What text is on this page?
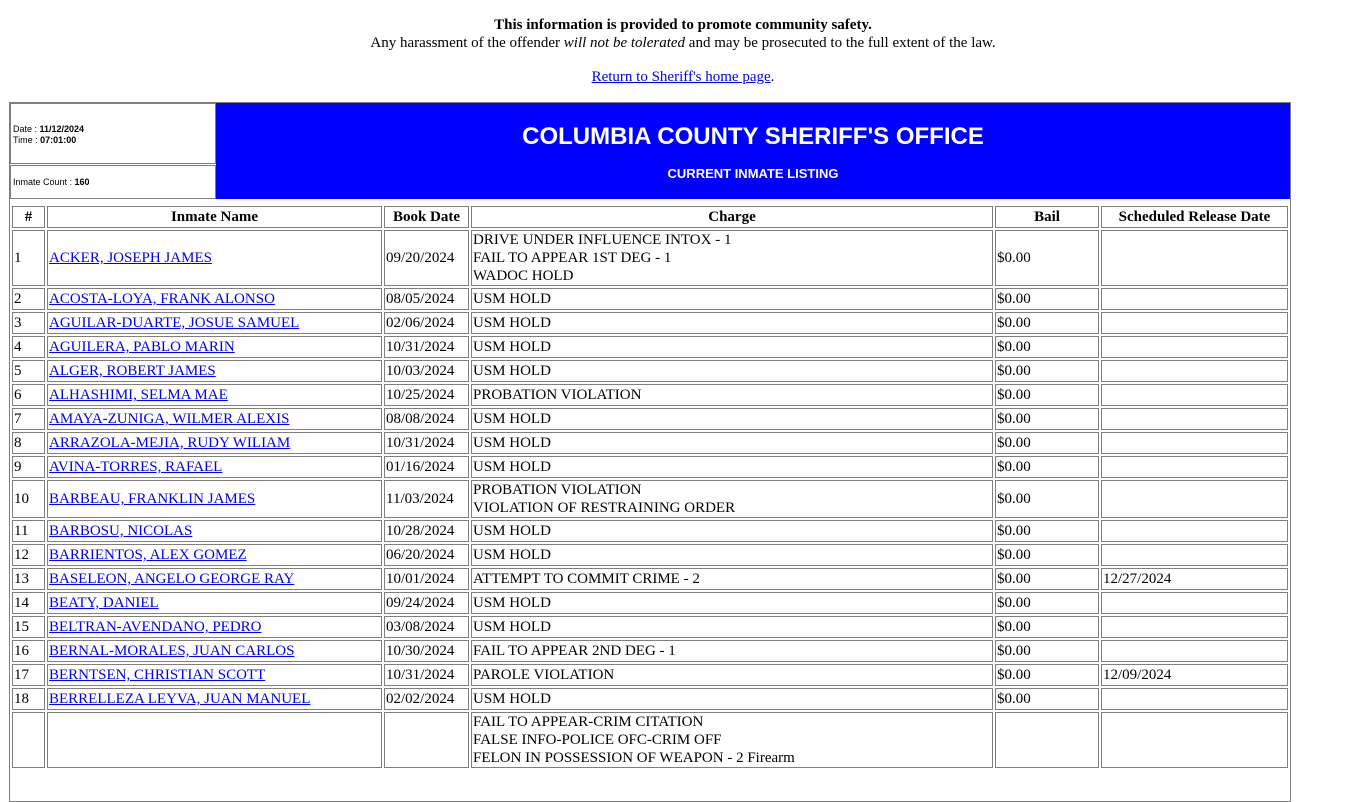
This information is provided to promote community safety.
Any harassment of the offender will not be tolerated and may be prosecuted to the full extent of the law.
Return to Sheriff's home page.
Date : 11/12/2024
Time : 07:01:00
Inmate Count : 160
COLUMBIA COUNTY SHERIFF'S OFFICE
CURRENT INMATE LISTING
#	Inmate Name	Book Date	Charge	Bail	Scheduled Release Date
1	ACKER, JOSEPH JAMES	09/20/2024	DRIVE UNDER INFLUENCE INTOX - 1
FAIL TO APPEAR 1ST DEG - 1
WADOC HOLD	$0.00	
2	ACOSTA-LOYA, FRANK ALONSO	08/05/2024	USM HOLD	$0.00	
3	AGUILAR-DUARTE, JOSUE SAMUEL	02/06/2024	USM HOLD	$0.00	
4	AGUILERA, PABLO MARIN	10/31/2024	USM HOLD	$0.00	
5	ALGER, ROBERT JAMES	10/03/2024	USM HOLD	$0.00	
6	ALHASHIMI, SELMA MAE	10/25/2024	PROBATION VIOLATION	$0.00	
7	AMAYA-ZUNIGA, WILMER ALEXIS	08/08/2024	USM HOLD	$0.00	
8	ARRAZOLA-MEJIA, RUDY WILIAM	10/31/2024	USM HOLD	$0.00	
9	AVINA-TORRES, RAFAEL	01/16/2024	USM HOLD	$0.00	
10	BARBEAU, FRANKLIN JAMES	11/03/2024	PROBATION VIOLATION
VIOLATION OF RESTRAINING ORDER	$0.00	
11	BARBOSU, NICOLAS	10/28/2024	USM HOLD	$0.00	
12	BARRIENTOS, ALEX GOMEZ	06/20/2024	USM HOLD	$0.00	
13	BASELEON, ANGELO GEORGE RAY	10/01/2024	ATTEMPT TO COMMIT CRIME - 2	$0.00	12/27/2024
14	BEATY, DANIEL	09/24/2024	USM HOLD	$0.00	
15	BELTRAN-AVENDANO, PEDRO	03/08/2024	USM HOLD	$0.00	
16	BERNAL-MORALES, JUAN CARLOS	10/30/2024	FAIL TO APPEAR 2ND DEG - 1	$0.00	
17	BERNTSEN, CHRISTIAN SCOTT	10/31/2024	PAROLE VIOLATION	$0.00	12/09/2024
18	BERRELLEZA LEYVA, JUAN MANUEL	02/02/2024	USM HOLD	$0.00	

			FAIL TO APPEAR-CRIM CITATION
FALSE INFO-POLICE OFC-CRIM OFF
FELON IN POSSESSION OF WEAPON - 2 Firearm		
